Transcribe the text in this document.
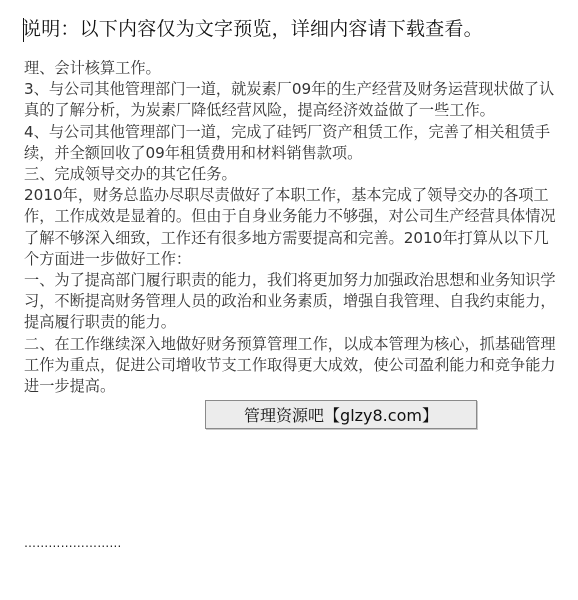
说明：以下内容仅为文字预览，详细内容请下载查看。

理、会计核算工作。

3、与公司其他管理部门一道，就炭素厂09年的生产经营及财务运营现状做了认真的了解分析，为炭素厂降低经营风险，提高经济效益做了一些工作。

4、与公司其他管理部门一道，完成了硅钙厂资产租赁工作，完善了相关租赁手续，并全额回收了09年租赁费用和材料销售款项。

三、完成领导交办的其它任务。

2010年，财务总监办尽职尽责做好了本职工作，基本完成了领导交办的各项工作，工作成效是显着的。但由于自身业务能力不够强，对公司生产经营具体情况了解不够深入细致，工作还有很多地方需要提高和完善。2010年打算从以下几个方面进一步做好工作：

一、为了提高部门履行职责的能力，我们将更加努力加强政治思想和业务知识学习，不断提高财务管理人员的政治和业务素质，增强自我管理、自我约束能力，提高履行职责的能力。

二、在工作继续深入地做好财务预算管理工作，以成本管理为核心，抓基础管理工作为重点，促进公司增收节支工作取得更大成效，使公司盈利能力和竞争能力进一步提高。

……………………
管理资源吧【glzy8.com】
